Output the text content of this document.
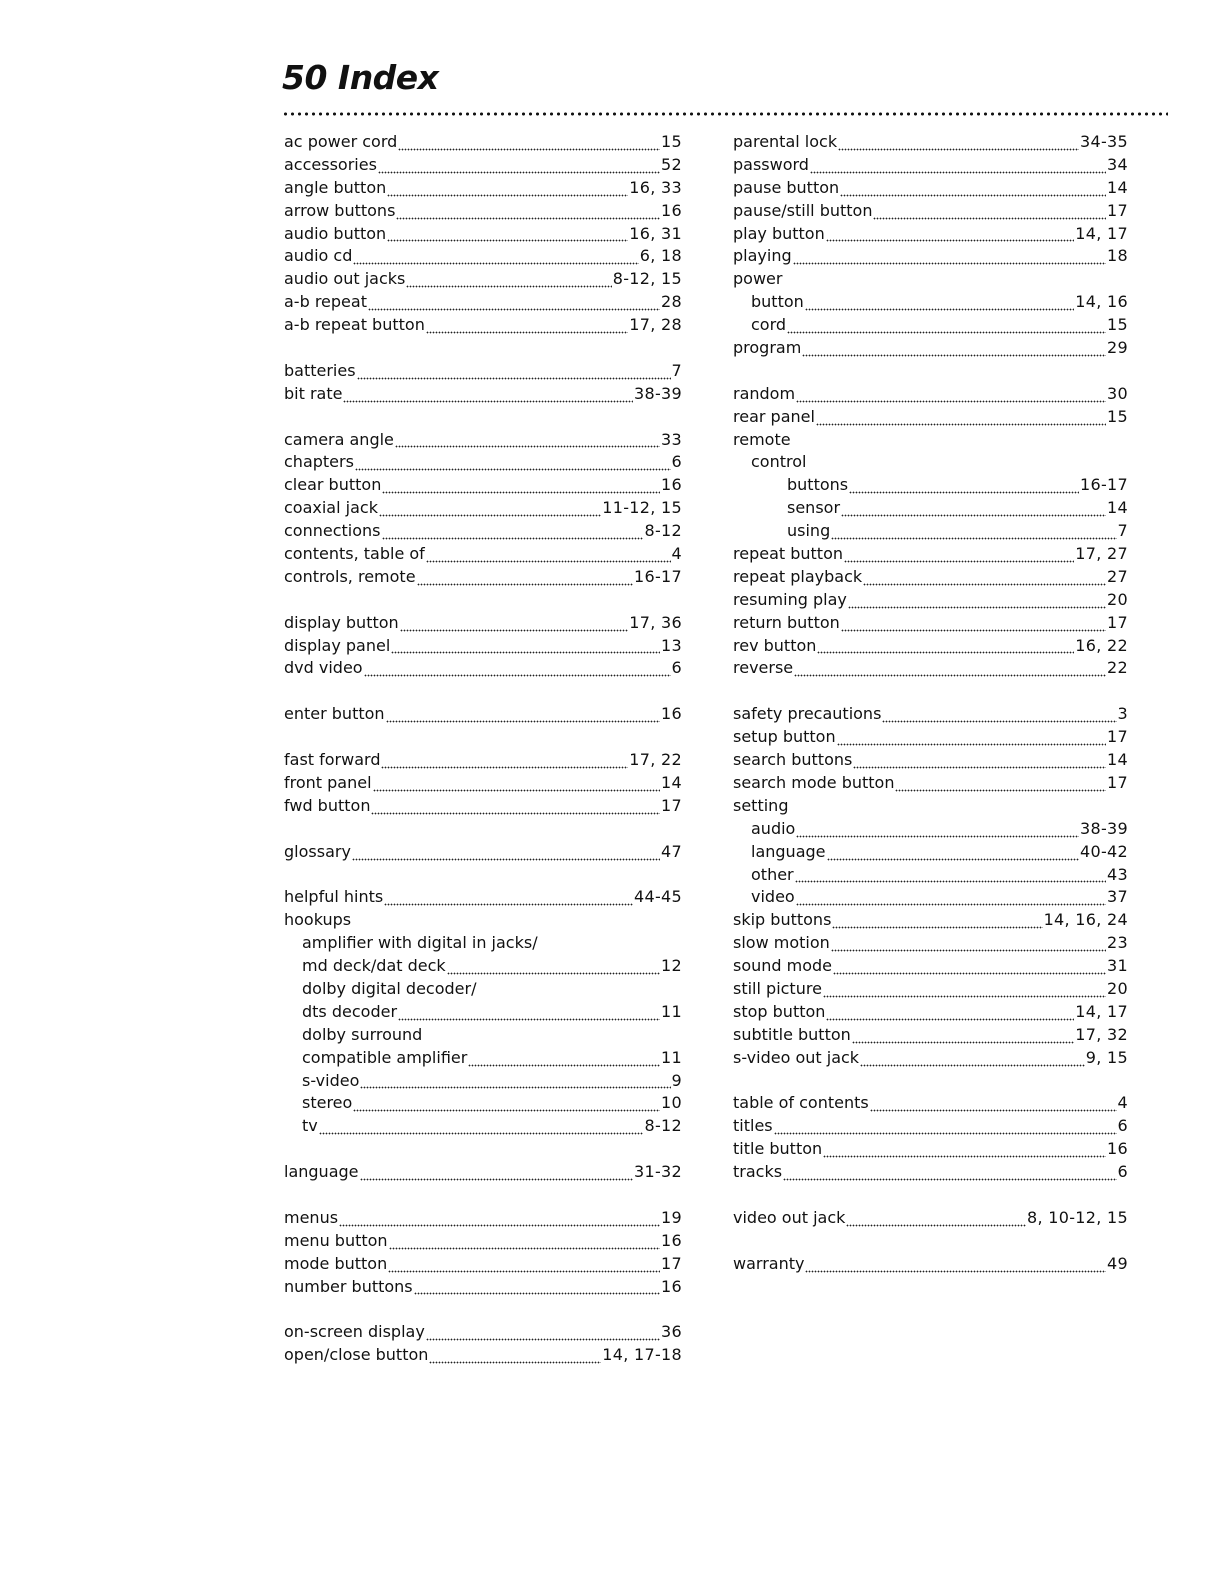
50 Index
ac power cord	15
accessories	52
angle button	16, 33
arrow buttons	16
audio button	16, 31
audio cd	6, 18
audio out jacks	8-12, 15
a-b repeat	28
a-b repeat button	17, 28
batteries	7
bit rate	38-39
camera angle	33
chapters	6
clear button	16
coaxial jack	11-12, 15
connections	8-12
contents, table of	4
controls, remote	16-17
display button	17, 36
display panel	13
dvd video	6
enter button	16
fast forward	17, 22
front panel	14
fwd button	17
glossary	47
helpful hints	44-45
hookups
amplifier with digital in jacks/
md deck/dat deck	12
dolby digital decoder/
dts decoder	11
dolby surround
compatible amplifier	11
s-video	9
stereo	10
tv	8-12
language	31-32
menus	19
menu button	16
mode button	17
number buttons	16
on-screen display	36
open/close button	14, 17-18
parental lock	34-35
password	34
pause button	14
pause/still button	17
play button	14, 17
playing	18
power
button	14, 16
cord	15
program	29
random	30
rear panel	15
remote
control
buttons	16-17
sensor	14
using	7
repeat button	17, 27
repeat playback	27
resuming play	20
return button	17
rev button	16, 22
reverse	22
safety precautions	3
setup button	17
search buttons	14
search mode button	17
setting
audio	38-39
language	40-42
other	43
video	37
skip buttons	14, 16, 24
slow motion	23
sound mode	31
still picture	20
stop button	14, 17
subtitle button	17, 32
s-video out jack	9, 15
table of contents	4
titles	6
title button	16
tracks	6
video out jack	8, 10-12, 15
warranty	49
